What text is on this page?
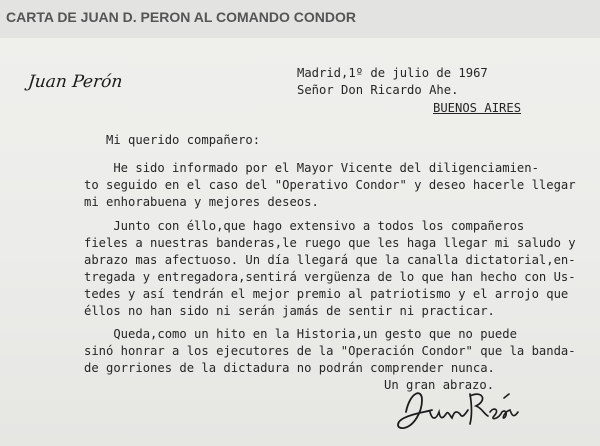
CARTA DE JUAN D. PERON AL COMANDO CONDOR
Juan Perón	Madrid,1º de julio de 1967
Señor Don Ricardo Ahe.
BUENOS AIRES
Mi querido compañero:
He sido informado por el Mayor Vicente del diligenciamien-
to seguido en el caso del "Operativo Condor" y deseo hacerle llegar
mi enhorabuena y mejores deseos.
Junto con éllo,que hago extensivo a todos los compañeros
fieles a nuestras banderas,le ruego que les haga llegar mi saludo y
abrazo mas afectuoso. Un día llegará que la canalla dictatorial,en-
tregada y entregadora,sentirá vergüenza de lo que han hecho con Us-
tedes y así tendrán el mejor premio al patriotismo y el arrojo que
éllos no han sido ni serán jamás de sentir ni practicar.
Queda,como un hito en la Historia,un gesto que no puede
sinó honrar a los ejecutores de la "Operación Condor" que la banda-
de gorriones de la dictadura no podrán comprender nunca.
Un gran abrazo.
